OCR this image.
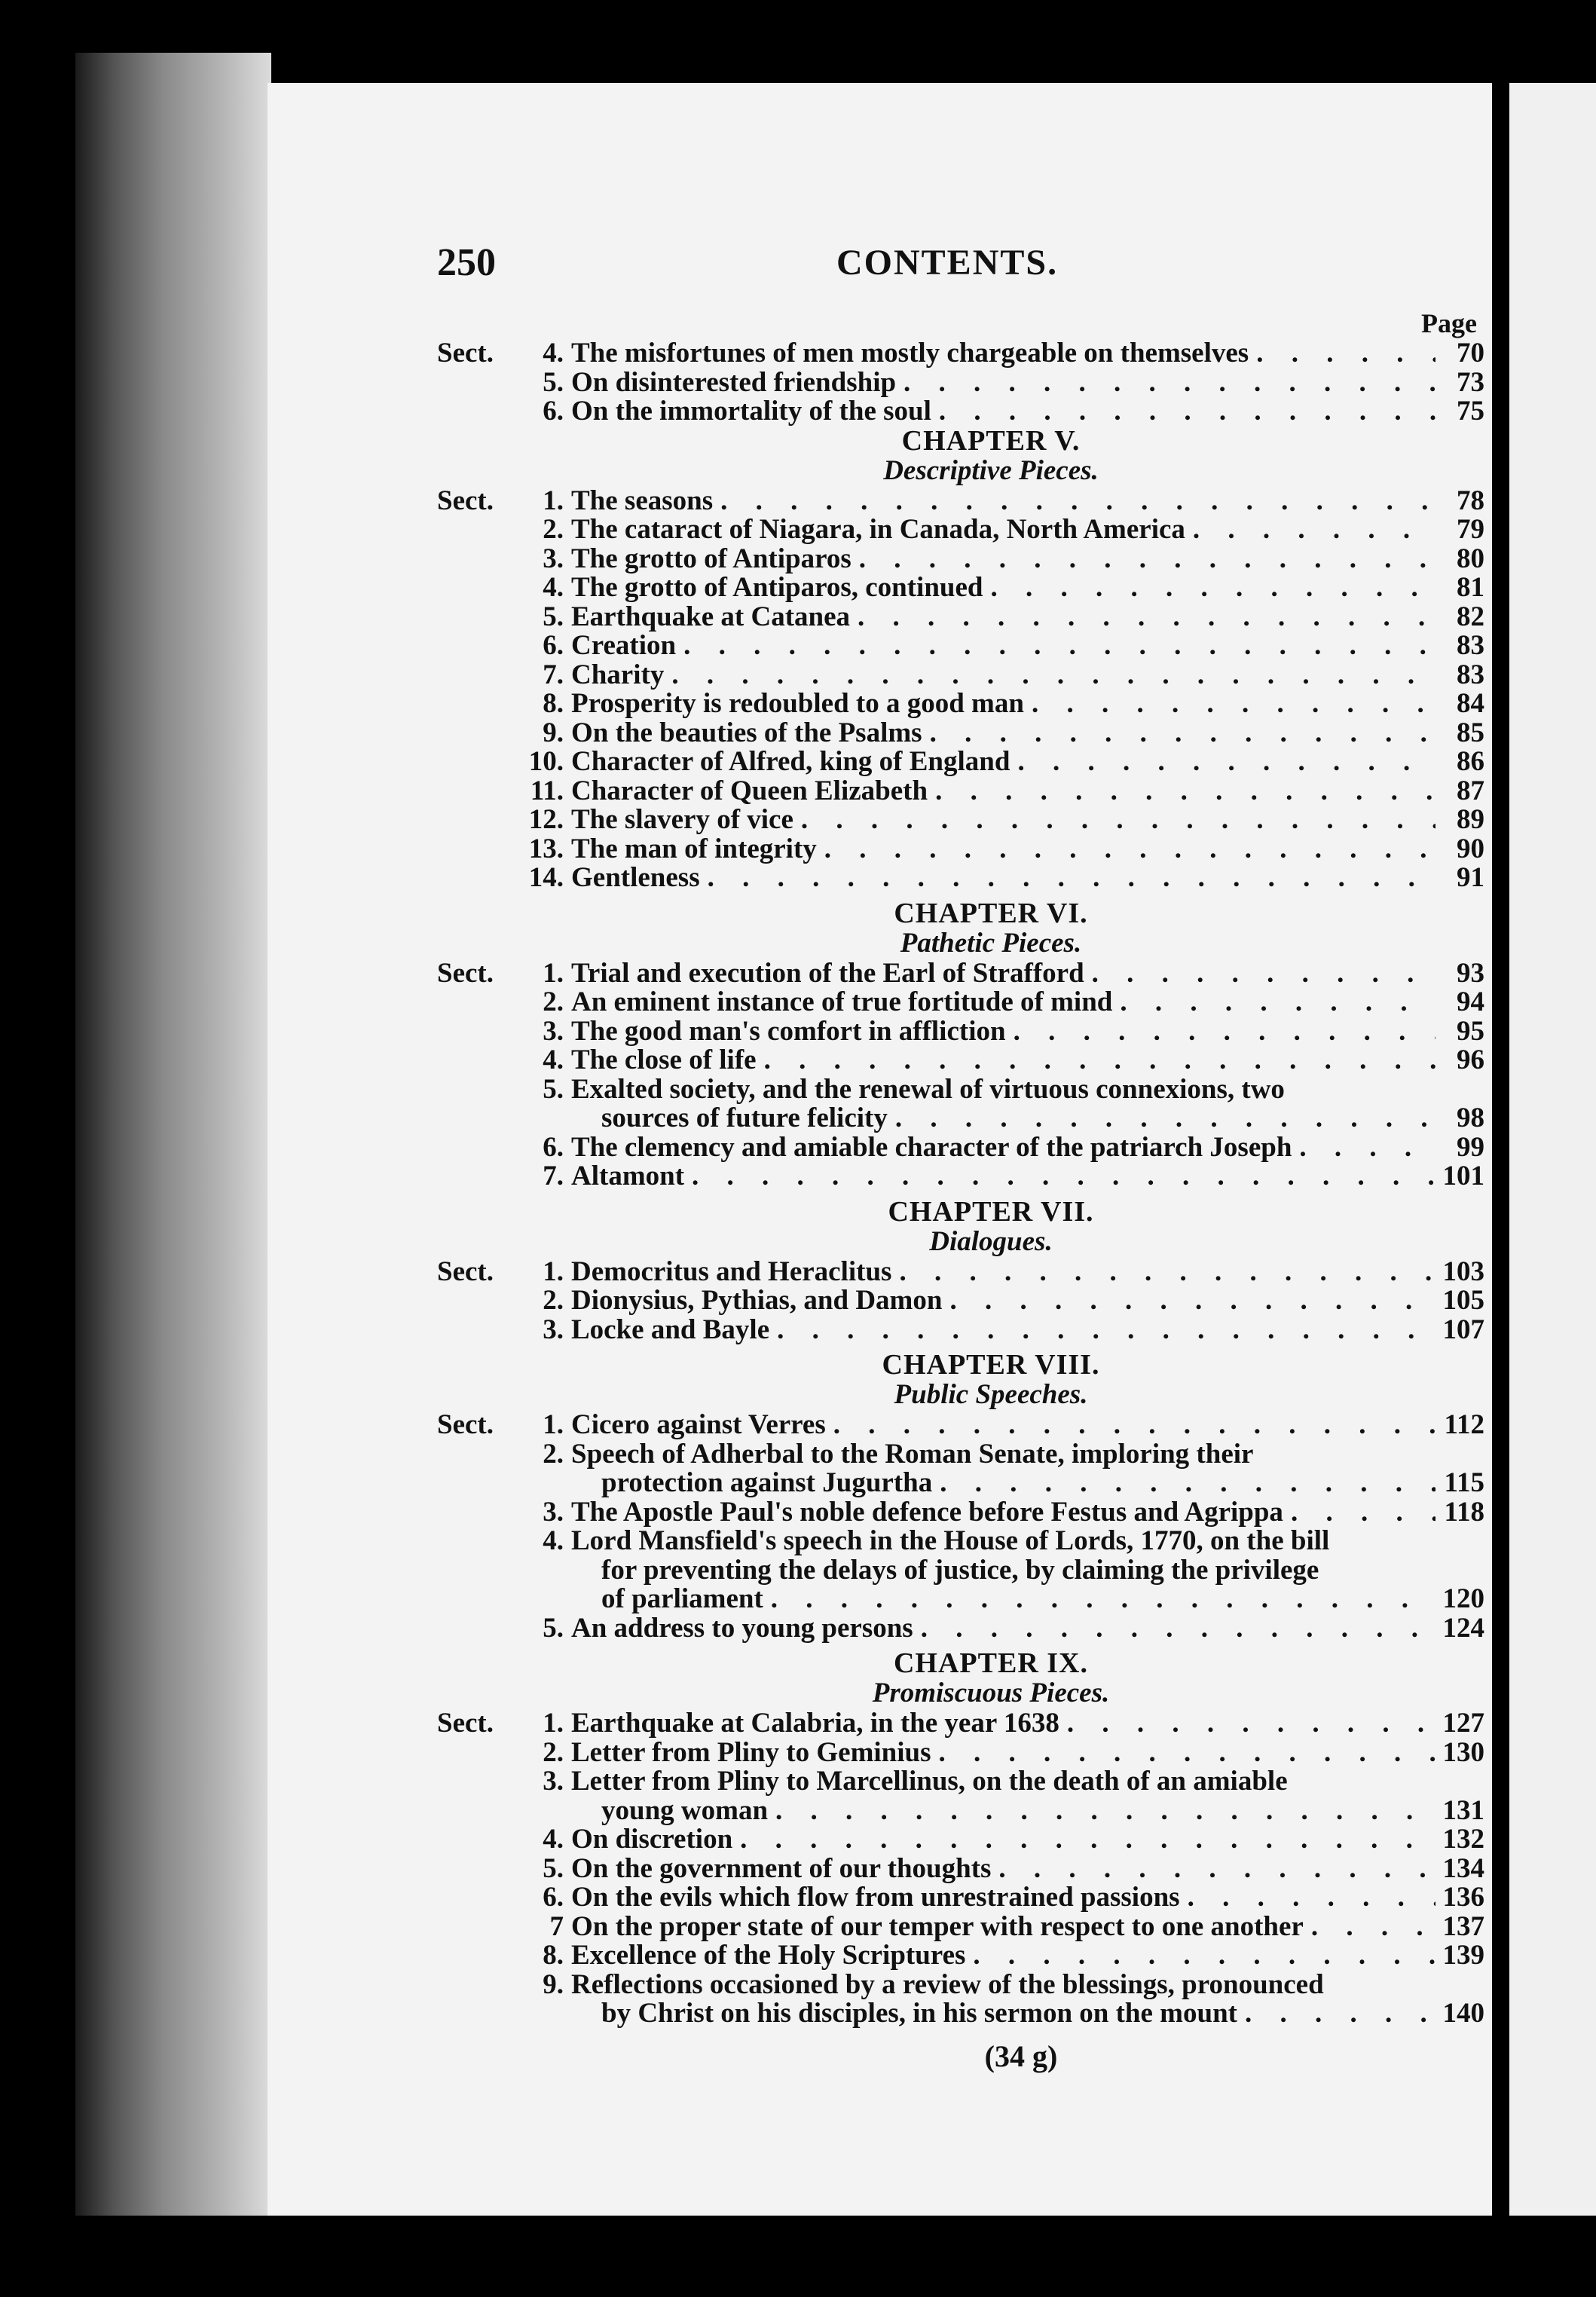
250	CONTENTS.
Page
Sect.	4. The misfortunes of men mostly chargeable on themselves . . .	70
5. On disinterested friendship . . .	73
6. On the immortality of the soul . . .	75
CHAPTER V.
Descriptive Pieces.
Sect.	1. The seasons . . .	78
2. The cataract of Niagara, in Canada, North America . . .	79
3. The grotto of Antiparos . . .	80
4. The grotto of Antiparos, continued . . .	81
5. Earthquake at Catanea . . .	82
6. Creation . . .	83
7. Charity . . .	83
8. Prosperity is redoubled to a good man . . .	84
9. On the beauties of the Psalms . . .	85
10. Character of Alfred, king of England . . .	86
11. Character of Queen Elizabeth . . .	87
12. The slavery of vice . . .	89
13. The man of integrity . . .	90
14. Gentleness . . .	91
CHAPTER VI.
Pathetic Pieces.
Sect.	1. Trial and execution of the Earl of Strafford . . .	93
2. An eminent instance of true fortitude of mind . . .	94
3. The good man's comfort in affliction . . .	95
4. The close of life . . .	96
5. Exalted society, and the renewal of virtuous connexions, two
sources of future felicity . . .	98
6. The clemency and amiable character of the patriarch Joseph . . .	99
7. Altamont . . .	101
CHAPTER VII.
Dialogues.
Sect.	1. Democritus and Heraclitus . . .	103
2. Dionysius, Pythias, and Damon . . .	105
3. Locke and Bayle . . .	107
CHAPTER VIII.
Public Speeches.
Sect.	1. Cicero against Verres . . .	112
2. Speech of Adherbal to the Roman Senate, imploring their
protection against Jugurtha . . .	115
3. The Apostle Paul's noble defence before Festus and Agrippa . . .	118
4. Lord Mansfield's speech in the House of Lords, 1770, on the bill
for preventing the delays of justice, by claiming the privilege
of parliament . . .	120
5. An address to young persons . . .	124
CHAPTER IX.
Promiscuous Pieces.
Sect.	1. Earthquake at Calabria, in the year 1638 . . .	127
2. Letter from Pliny to Geminius . . .	130
3. Letter from Pliny to Marcellinus, on the death of an amiable
young woman . . .	131
4. On discretion . . .	132
5. On the government of our thoughts . . .	134
6. On the evils which flow from unrestrained passions . . .	136
7 On the proper state of our temper with respect to one another . . .	137
8. Excellence of the Holy Scriptures . . .	139
9. Reflections occasioned by a review of the blessings, pronounced
by Christ on his disciples, in his sermon on the mount . . .	140
(34 g)
